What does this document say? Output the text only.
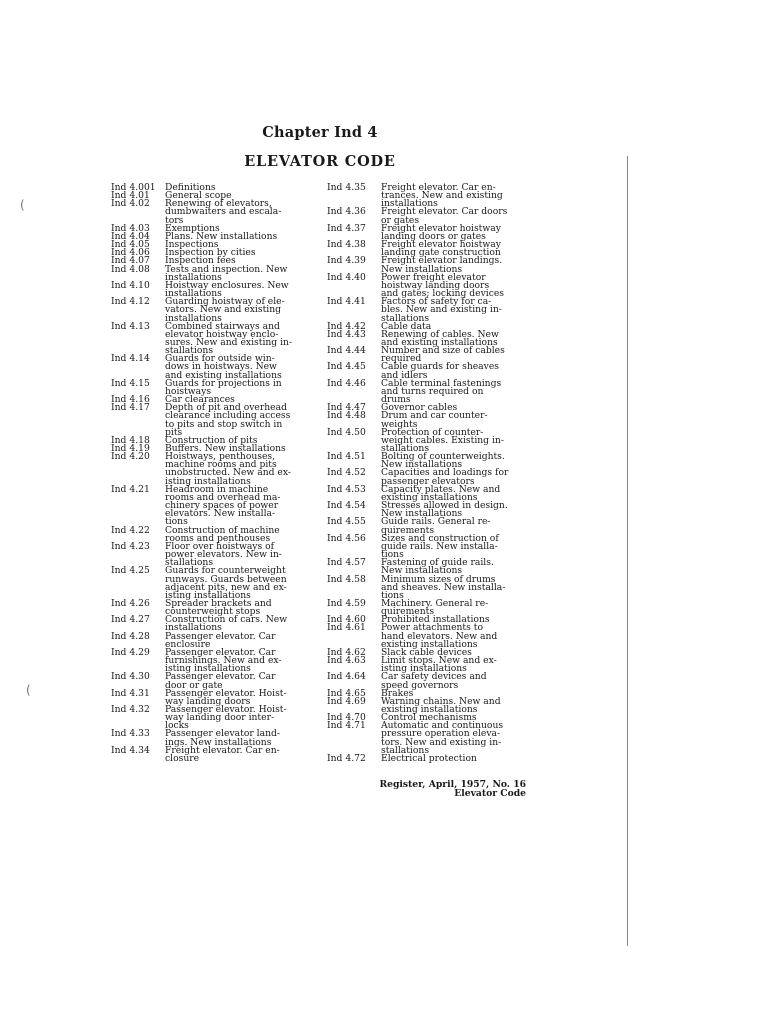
Chapter Ind 4
ELEVATOR CODE
Ind 4.001	Definitions
Ind 4.01	General scope
Ind 4.02	Renewing of elevators,
dumbwaiters and escala-
tors
Ind 4.03	Exemptions
Ind 4.04	Plans. New installations
Ind 4.05	Inspections
Ind 4.06	Inspection by cities
Ind 4.07	Inspection fees
Ind 4.08	Tests and inspection. New
installations
Ind 4.10	Hoistway enclosures. New
installations
Ind 4.12	Guarding hoistway of ele-
vators. New and existing
installations
Ind 4.13	Combined stairways and
elevator hoistway enclo-
sures. New and existing in-
stallations
Ind 4.14	Guards for outside win-
dows in hoistways. New
and existing installations
Ind 4.15	Guards for projections in
hoistways
Ind 4.16	Car clearances
Ind 4.17	Depth of pit and overhead
clearance including access
to pits and stop switch in
pits
Ind 4.18	Construction of pits
Ind 4.19	Buffers. New installations
Ind 4.20	Hoistways, penthouses,
machine rooms and pits
unobstructed. New and ex-
isting installations
Ind 4.21	Headroom in machine
rooms and overhead ma-
chinery spaces of power
elevators. New installa-
tions
Ind 4.22	Construction of machine
rooms and penthouses
Ind 4.23	Floor over hoistways of
power elevators. New in-
stallations
Ind 4.25	Guards for counterweight
runways. Guards between
adjacent pits, new and ex-
isting installations
Ind 4.26	Spreader brackets and
counterweight stops
Ind 4.27	Construction of cars. New
installations
Ind 4.28	Passenger elevator. Car
enclosure
Ind 4.29	Passenger elevator. Car
furnishings. New and ex-
isting installations
Ind 4.30	Passenger elevator. Car
door or gate
Ind 4.31	Passenger elevator. Hoist-
way landing doors
Ind 4.32	Passenger elevator. Hoist-
way landing door inter-
locks
Ind 4.33	Passenger elevator land-
ings. New installations
Ind 4.34	Freight elevator. Car en-
closure
Ind 4.35	Freight elevator. Car en-
trances. New and existing
installations
Ind 4.36	Freight elevator. Car doors
or gates
Ind 4.37	Freight elevator hoistway
landing doors or gates
Ind 4.38	Freight elevator hoistway
landing gate construction
Ind 4.39	Freight elevator landings.
New installations
Ind 4.40	Power freight elevator
hoistway landing doors
and gates; locking devices
Ind 4.41	Factors of safety for ca-
bles. New and existing in-
stallations
Ind 4.42	Cable data
Ind 4.43	Renewing of cables. New
and existing installations
Ind 4.44	Number and size of cables
required
Ind 4.45	Cable guards for sheaves
and idlers
Ind 4.46	Cable terminal fastenings
and turns required on
drums
Ind 4.47	Governor cables
Ind 4.48	Drum and car counter-
weights
Ind 4.50	Protection of counter-
weight cables. Existing in-
stallations
Ind 4.51	Bolting of counterweights.
New installations
Ind 4.52	Capacities and loadings for
passenger elevators
Ind 4.53	Capacity plates. New and
existing installations
Ind 4.54	Stresses allowed in design.
New installations
Ind 4.55	Guide rails. General re-
quirements
Ind 4.56	Sizes and construction of
guide rails. New installa-
tions
Ind 4.57	Fastening of guide rails.
New installations
Ind 4.58	Minimum sizes of drums
and sheaves. New installa-
tions
Ind 4.59	Machinery. General re-
quirements
Ind 4.60	Prohibited installations
Ind 4.61	Power attachments to
hand elevators. New and
existing installations
Ind 4.62	Slack cable devices
Ind 4.63	Limit stops. New and ex-
isting installations
Ind 4.64	Car safety devices and
speed governors
Ind 4.65	Brakes
Ind 4.69	Warning chains. New and
existing installations
Ind 4.70	Control mechanisms
Ind 4.71	Automatic and continuous
pressure operation eleva-
tors. New and existing in-
stallations
Ind 4.72	Electrical protection
Register, April, 1957, No. 16
Elevator Code
(
(
